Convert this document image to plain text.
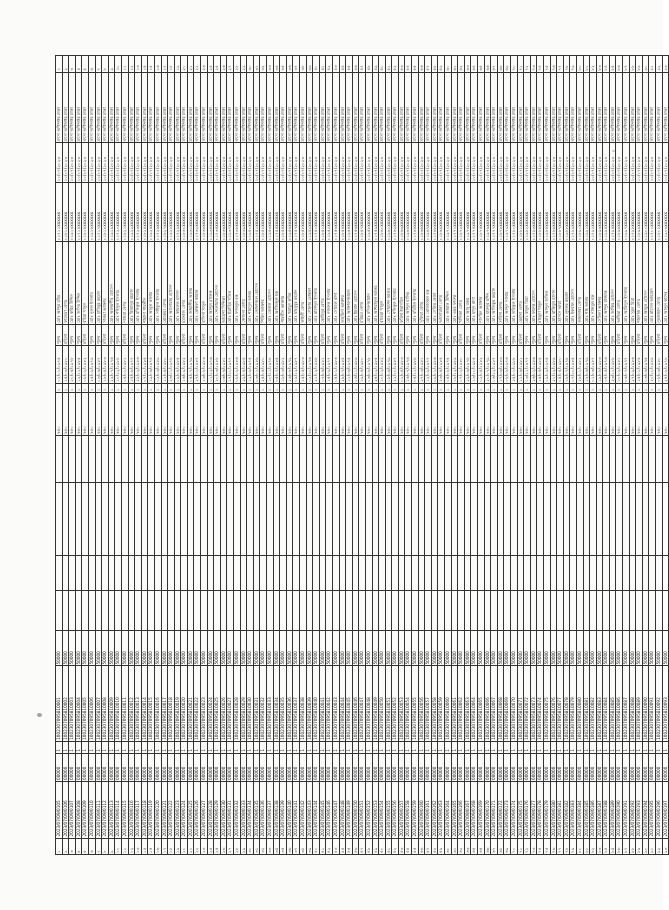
১	2023/07/09/0105	00000	1	1002307095810001	50000					৳৫০	১	০১/০১/১৯৭৫	পুরুষ	মোঃ আব্দুর রহিম	০১৭১১xxxxxx	১০/০৭/২০২৩	মৎস্য অধিদপ্তর ঢাকা	১
২	2023/07/09/0106	00000	1	1002307095810002	50000					৳৫০	১	১৫/০৩/১৯৮০	মহিলা	ফাতেমা বেগম	০১৮১২xxxxxx	১০/০৭/২০২৩	মৎস্য অধিদপ্তর ঢাকা	২
৩	2023/07/09/0107	00000	1	1002307095810003	50000					৳৫০	১	২০/০৫/১৯৭৮	পুরুষ	মোঃ করিম উদ্দিন	০১৯১৩xxxxxx	১০/০৭/২০২৩	মৎস্য অধিদপ্তর ঢাকা	৩
৪	2023/07/09/0108	00000	1	1002307095810004	50000					৳৫০	১	১২/১১/১৯৮৫	পুরুষ	মোঃ জসিম উদ্দিন	০১৭১৪xxxxxx	১০/০৭/২০২৩	মৎস্য অধিদপ্তর ঢাকা	৪
৫	2023/07/09/0109	00000	1	1002307095810005	50000					৳৫০	১	০৮/০২/১৯৮২	মহিলা	রহিমা খাতুন	০১৮১৫xxxxxx	১০/০৭/২০২৩	মৎস্য অধিদপ্তর ঢাকা	৫
৬	2023/07/09/0110	00000	1	1002307095810006	50000					৳৫০	১	২৫/০৯/১৯৭৯	পুরুষ	মোঃ নুরুল ইসলাম	০১৯১৬xxxxxx	১০/০৭/২০২৩	মৎস্য অধিদপ্তর ঢাকা	৬
৭	2023/07/09/0111	00000	1	1002307095810007	50000					৳৫০	১	০৩/০৬/১৯৮৭	পুরুষ	মোঃ হাবিবুর রহমান	০১৭১৭xxxxxx	১০/০৭/২০২৩	মৎস্য অধিদপ্তর ঢাকা	৭
৮	2023/07/09/0112	00000	1	1002307095810008	50000					৳৫০	১	১৮/০৪/১৯৮৩	মহিলা	সালমা আক্তার	০১৮১৮xxxxxx	১০/০৭/২০২৩	মৎস্য অধিদপ্তর ঢাকা	৮
৯	2023/07/09/0113	00000	1	1002307095810009	50000					৳৫০	১	২২/০৭/১৯৭৬	পুরুষ	মোঃ আলমগীর হোসেন	০১৯১৯xxxxxx	১০/০৭/২০২৩	মৎস্য অধিদপ্তর ঢাকা	৯
১০	2023/07/09/0114	00000	1	1002307095810010	50000					৳৫০	১	১০/১২/১৯৮৮	পুরুষ	মোঃ শহিদুল ইসলাম	০১৭২০xxxxxx	১০/০৭/২০২৩	মৎস্য অধিদপ্তর ঢাকা	১০
১১	2023/07/09/0115	00000	1	1002307095810011	50000					৳৫০	১	০৫/০১/১৯৮১	মহিলা	নাজমা বেগম	০১৮২১xxxxxx	১০/০৭/২০২৩	মৎস্য অধিদপ্তর ঢাকা	১১
১২	2023/07/09/0116	00000	1	1002307095810012	50000					৳৫০	১	১৪/০৮/১৯৭৭	পুরুষ	মোঃ মিজানুর রহমান	০১৯২২xxxxxx	১০/০৭/২০২৩	মৎস্য অধিদপ্তর ঢাকা	১২
১৩	2023/07/09/0117	00000	1	1002307095810013	50000					৳৫০	১	২৮/০২/১৯৮৬	পুরুষ	মোঃ রফিকুল ইসলাম	০১৭২৩xxxxxx	১০/০৭/২০২৩	মৎস্য অধিদপ্তর ঢাকা	১৩
১৪	2023/07/09/0118	00000	1	1002307095810014	50000					৳৫০	১	০৭/১০/১৯৮৪	মহিলা	শাহানা পারভীন	০১৮২৪xxxxxx	১০/০৭/২০২৩	মৎস্য অধিদপ্তর ঢাকা	১৪
১৫	2023/07/09/0119	00000	1	1002307095810015	50000					৳৫০	১	১৯/০৬/১৯৭৪	পুরুষ	মোঃ আবুল কালাম	০১৯২৫xxxxxx	১০/০৭/২০২৩	মৎস্য অধিদপ্তর ঢাকা	১৫
১৬	2023/07/09/0120	00000	1	1002307095810016	50000					৳৫০	১	০২/০৩/১৯৮৯	পুরুষ	মোঃ সাইফুল ইসলাম	০১৭২৬xxxxxx	১০/০৭/২০২৩	মৎস্য অধিদপ্তর ঢাকা	১৬
১৭	2023/07/09/0121	00000	1	1002307095810017	50000					৳৫০	১	১১/০৫/১৯৮০	মহিলা	রোকেয়া বেগম	০১৮২৭xxxxxx	১০/০৭/২০২৩	মৎস্য অধিদপ্তর ঢাকা	১৭
১৮	2023/07/09/0122	00000	1	1002307095810018	50000					৳৫০	১	২৩/১১/১৯৭৮	পুরুষ	মোঃ আনোয়ার হোসেন	০১৯২৮xxxxxx	১০/০৭/২০২৩	মৎস্য অধিদপ্তর ঢাকা	১৮
১৯	2023/07/09/0123	00000	1	1002307095810019	50000					৳৫০	১	০৯/০৪/১৯৮৫	পুরুষ	মোঃ কামরুল হাসান	০১৭২৯xxxxxx	১০/০৭/২০২৩	মৎস্য অধিদপ্তর ঢাকা	১৯
২০	2023/07/09/0124	00000	1	1002307095810020	50000					৳৫০	১	১৬/০৯/১৯৮২	মহিলা	মমতাজ বেগম	০১৮৩০xxxxxx	১০/০৭/২০২৩	মৎস্য অধিদপ্তর ঢাকা	২০
২১	2023/07/09/0125	00000	1	1002307095810021	50000					৳৫০	১	০৪/০৭/১৯৭৯	পুরুষ	মোঃ জাহাঙ্গীর আলম	০১৯৩১xxxxxx	১০/০৭/২০২৩	মৎস্য অধিদপ্তর ঢাকা	২১
২২	2023/07/09/0126	00000	1	1002307095810022	50000					৳৫০	১	২৭/০১/১৯৮৭	পুরুষ	মোঃ মোস্তফা কামাল	০১৭৩২xxxxxx	১০/০৭/২০২৩	মৎস্য অধিদপ্তর ঢাকা	২২
২৩	2023/07/09/0127	00000	1	1002307095810023	50000					৳৫০	১	১৩/০৮/১৯৮৩	মহিলা	হাসিনা খাতুন	০১৮৩৩xxxxxx	১০/০৭/২০২৩	মৎস্য অধিদপ্তর ঢাকা	২৩
২৪	2023/07/09/0128	00000	1	1002307095810024	50000					৳৫০	১	০১/১২/১৯৭৬	পুরুষ	মোঃ আব্দুল মালেক	০১৯৩৪xxxxxx	১০/০৭/২০২৩	মৎস্য অধিদপ্তর ঢাকা	২৪
২৫	2023/07/09/0129	00000	1	1002307095810025	50000					৳৫০	১	২০/০৩/১৯৮৮	পুরুষ	মোঃ দেলোয়ার হোসেন	০১৭৩৫xxxxxx	১০/০৭/২০২৩	মৎস্য অধিদপ্তর ঢাকা	২৫
২৬	2023/07/09/0130	00000	1	1002307095810026	50000					৳৫০	১	০৬/০৬/১৯৮১	মহিলা	আয়েশা সিদ্দিকা	০১৮৩৬xxxxxx	১০/০৭/২০২৩	মৎস্য অধিদপ্তর ঢাকা	২৬
২৭	2023/07/09/0131	00000	1	1002307095810027	50000					৳৫০	১	১৭/১০/১৯৭৭	পুরুষ	মোঃ ইব্রাহিম খলিল	০১৯৩৭xxxxxx	১০/০৭/২০২৩	মৎস্য অধিদপ্তর ঢাকা	২৭
২৮	2023/07/09/0132	00000	1	1002307095810028	50000					৳৫০	১	০৮/০২/১৯৮৬	পুরুষ	মোঃ ফজলুল হক	০১৭৩৮xxxxxx	১০/০৭/২০২৩	মৎস্য অধিদপ্তর ঢাকা	২৮
২৯	2023/07/09/0133	00000	1	1002307095810029	50000					৳৫০	১	২৯/০৪/১৯৮৪	মহিলা	জোসনা বেগম	০১৮৩৯xxxxxx	১০/০৭/২০২৩	মৎস্য অধিদপ্তর ঢাকা	২৯
৩০	2023/07/09/0134	00000	1	1002307095810030	50000					৳৫০	১	১২/০৯/১৯৭৫	পুরুষ	মোঃ শামসুল আলম	০১৯৪০xxxxxx	১০/০৭/২০২৩	মৎস্য অধিদপ্তর ঢাকা	৩০
৩১	2023/07/09/0135	00000	1	1002307095810031	50000					৳৫০	১	০৩/০১/১৯৮৯	পুরুষ	মোঃ তোফাজ্জল হোসেন	০১৭৪১xxxxxx	১০/০৭/২০২৩	মৎস্য অধিদপ্তর ঢাকা	৩১
৩২	2023/07/09/0136	00000	1	1002307095810032	50000					৳৫০	১	২৪/০৫/১৯৮০	মহিলা	শিরিন আক্তার	০১৮৪২xxxxxx	১০/০৭/২০২৩	মৎস্য অধিদপ্তর ঢাকা	৩২
৩৩	2023/07/09/0137	00000	1	1002307095810033	50000					৳৫০	১	১০/১১/১৯৭৮	পুরুষ	মোঃ বেলাল হোসেন	০১৯৪৩xxxxxx	১০/০৭/২০২৩	মৎস্য অধিদপ্তর ঢাকা	৩৩
৩৪	2023/07/09/0138	00000	1	1002307095810034	50000					৳৫০	১	০৫/০৭/১৯৮৫	পুরুষ	মোঃ আজিজুল হক	০১৭৪৪xxxxxx	১০/০৭/২০২৩	মৎস্য অধিদপ্তর ঢাকা	৩৪
৩৫	2023/07/09/0139	00000	1	1002307095810035	50000					৳৫০	১	১৮/০৩/১৯৮২	মহিলা	পারভীন আক্তার	০১৮৪৫xxxxxx	১০/০৭/২০২৩	মৎস্য অধিদপ্তর ঢাকা	৩৫
৩৬	2023/07/09/0140	00000	1	1002307095810036	50000					৳৫০	১	২৬/০৮/১৯৭৯	পুরুষ	মোঃ হুমায়ুন কবির	০১৯৪৬xxxxxx	১০/০৭/২০২৩	মৎস্য অধিদপ্তর ঢাকা	৩৬
৩৭	2023/07/09/0141	00000	1	1002307095810037	50000					৳৫০	১	০৯/১২/১৯৮৭	পুরুষ	মোঃ মাহবুবুর রহমান	০১৭৪৭xxxxxx	১০/০৭/২০২৩	মৎস্য অধিদপ্তর ঢাকা	৩৭
৩৮	2023/07/09/0142	00000	1	1002307095810038	50000					৳৫০	১	১৪/০৪/১৯৮৩	মহিলা	লাইলী বেগম	০১৮৪৮xxxxxx	১০/০৭/২০২৩	মৎস্য অধিদপ্তর ঢাকা	৩৮
৩৯	2023/07/09/0143	00000	1	1002307095810039	50000					৳৫০	১	০২/১০/১৯৭৬	পুরুষ	মোঃ গোলাম মোস্তফা	০১৯৪৯xxxxxx	১০/০৭/২০২৩	মৎস্য অধিদপ্তর ঢাকা	৩৯
৪০	2023/07/09/0144	00000	1	1002307095810040	50000					৳৫০	১	২১/০২/১৯৮৮	পুরুষ	মোঃ রাশেদুল ইসলাম	০১৭৫০xxxxxx	১০/০৭/২০২৩	মৎস্য অধিদপ্তর ঢাকা	৪০
৪১	2023/07/09/0145	00000	1	1002307095810041	50000					৳৫০	১	০৭/০৬/১৯৮১	মহিলা	কোহিনুর বেগম	০১৮৫১xxxxxx	১০/০৭/২০২৩	মৎস্য অধিদপ্তর ঢাকা	৪১
৪২	2023/07/09/0146	00000	1	1002307095810042	50000					৳৫০	১	১৫/০৯/১৯৭৭	পুরুষ	মোঃ নজরুল ইসলাম	০১৯৫২xxxxxx	১০/০৭/২০২৩	মৎস্য অধিদপ্তর ঢাকা	৪২
৪৩	2023/07/09/0147	00000	1	1002307095810043	50000					৳৫০	১	০৪/০১/১৯৮৬	পুরুষ	মোঃ সোহেল রানা	০১৭৫৩xxxxxx	১০/০৭/২০২৩	মৎস্য অধিদপ্তর ঢাকা	৪৩
৪৪	2023/07/09/0148	00000	1	1002307095810044	50000					৳৫০	১	২৮/০৭/১৯৮৪	মহিলা	তাহমিনা আক্তার	০১৮৫৪xxxxxx	১০/০৭/২০২৩	মৎস্য অধিদপ্তর ঢাকা	৪৪
৪৫	2023/07/09/0149	00000	1	1002307095810045	50000					৳৫০	১	১১/০৩/১৯৭৫	পুরুষ	মোঃ আক্তারুজ্জামান	০১৯৫৫xxxxxx	১০/০৭/২০২৩	মৎস্য অধিদপ্তর ঢাকা	৪৫
৪৬	2023/07/09/0150	00000	1	1002307095810046	50000					৳৫০	১	০৬/১১/১৯৮৯	পুরুষ	মোঃ ইমরান হোসেন	০১৭৫৬xxxxxx	১০/০৭/২০২৩	মৎস্য অধিদপ্তর ঢাকা	৪৬
৪৭	2023/07/09/0151	00000	1	1002307095810047	50000					৳৫০	১	১৯/০৫/১৯৮০	মহিলা	মরিয়ম বেগম	০১৮৫৭xxxxxx	১০/০৭/২০২৩	মৎস্য অধিদপ্তর ঢাকা	৪৭
৪৮	2023/07/09/0152	00000	1	1002307095810048	50000					৳৫০	১	০৩/০৮/১৯৭৮	পুরুষ	মোঃ মনিরুজ্জামান	০১৯৫৮xxxxxx	১০/০৭/২০২৩	মৎস্য অধিদপ্তর ঢাকা	৪৮
৪৯	2023/07/09/0153	00000	1	1002307095810049	50000					৳৫০	১	২৫/১২/১৯৮৫	পুরুষ	মোঃ আশরাফুল আলম	০১৭৫৯xxxxxx	১০/০৭/২০২৩	মৎস্য অধিদপ্তর ঢাকা	৪৯
৫০	2023/07/09/0154	00000	1	1002307095810050	50000					৳৫০	১	১০/০২/১৯৮২	মহিলা	রাবেয়া খাতুন	০১৮৬০xxxxxx	১০/০৭/২০২৩	মৎস্য অধিদপ্তর ঢাকা	৫০
৫১	2023/07/09/0155	00000	1	1002307095810051	50000					৳৫০	১	০৮/০৬/১৯৭৯	পুরুষ	মোঃ খোরশেদ আলম	০১৯৬১xxxxxx	১০/০৭/২০২৩	মৎস্য অধিদপ্তর ঢাকা	৫১
৫২	2023/07/09/0156	00000	1	1002307095810052	50000					৳৫০	১	২২/১০/১৯৮৭	পুরুষ	মোঃ শফিকুল ইসলাম	০১৭৬২xxxxxx	১০/০৭/২০২৩	মৎস্য অধিদপ্তর ঢাকা	৫২
৫৩	2023/07/09/0157	00000	1	1002307095810053	50000					৳৫০	১	০১/০৪/১৯৮৩	মহিলা	ফরিদা ইয়াসমিন	০১৮৬৩xxxxxx	১০/০৭/২০২৩	মৎস্য অধিদপ্তর ঢাকা	৫৩
৫৪	2023/07/09/0158	00000	1	1002307095810054	50000					৳৫০	১	১৬/০৭/১৯৭৬	পুরুষ	মোঃ আব্দুল হালিম	০১৯৬৪xxxxxx	১০/০৭/২০২৩	মৎস্য অধিদপ্তর ঢাকা	৫৪
৫৫	2023/07/09/0159	00000	1	1002307095810055	50000					৳৫০	১	০৫/১১/১৯৮৮	পুরুষ	মোঃ রবিউল ইসলাম	০১৭৬৫xxxxxx	১০/০৭/২০২৩	মৎস্য অধিদপ্তর ঢাকা	৫৫
৫৬	2023/07/09/0160	00000	1	1002307095810056	50000					৳৫০	১	২৭/০৩/১৯৮১	মহিলা	সুফিয়া বেগম	০১৮৬৬xxxxxx	১০/০৭/২০২৩	মৎস্য অধিদপ্তর ঢাকা	৫৬
৫৭	2023/07/09/0161	00000	1	1002307095810057	50000					৳৫০	১	১২/০৯/১৯৭৭	পুরুষ	মোঃ মোজাম্মেল হক	০১৯৬৭xxxxxx	১০/০৭/২০২৩	মৎস্য অধিদপ্তর ঢাকা	৫৭
৫৮	2023/07/09/0162	00000	1	1002307095810058	50000					৳৫০	১	০৯/০১/১৯৮৬	পুরুষ	মোঃ সেলিম রেজা	০১৭৬৮xxxxxx	১০/০৭/২০২৩	মৎস্য অধিদপ্তর ঢাকা	৫৮
৫৯	2023/07/09/0163	00000	1	1002307095810059	50000					৳৫০	১	২৩/০৫/১৯৮৪	মহিলা	আনোয়ারা বেগম	০১৮৬৯xxxxxx	১০/০৭/২০২৩	মৎস্য অধিদপ্তর ঢাকা	৫৯
৬০	2023/07/09/0164	00000	1	1002307095810060	50000					৳৫০	১	০৪/০৮/১৯৭৫	পুরুষ	মোঃ জামাল উদ্দিন	০১৯৭০xxxxxx	১০/০৭/২০২৩	মৎস্য অধিদপ্তর ঢাকা	৬০
৬১	2023/07/09/0165	00000	1	1002307095810061	50000					৳৫০	১	১৮/১২/১৯৮৯	পুরুষ	মোঃ ওমর ফারুক	০১৭৭১xxxxxx	১০/০৭/২০২৩	মৎস্য অধিদপ্তর ঢাকা	৬১
৬২	2023/07/09/0166	00000	1	1002307095810062	50000					৳৫০	১	০৭/০২/১৯৮০	মহিলা	খাদিজা বেগম	০১৮৭২xxxxxx	১০/০৭/২০২৩	মৎস্য অধিদপ্তর ঢাকা	৬২
৬৩	2023/07/09/0167	00000	1	1002307095810063	50000					৳৫০	১	২৯/০৬/১৯৭৮	পুরুষ	মোঃ আবু বকর	০১৯৭৩xxxxxx	১০/০৭/২০২৩	মৎস্য অধিদপ্তর ঢাকা	৬৩
৬৪	2023/07/09/0168	00000	1	1002307095810064	50000					৳৫০	১	১৩/১০/১৯৮৫	পুরুষ	মোঃ মাসুদ রানা	০১৭৭৪xxxxxx	১০/০৭/২০২৩	মৎস্য অধিদপ্তর ঢাকা	৬৪
৬৫	2023/07/09/0169	00000	1	1002307095810065	50000					৳৫০	১	০২/০৪/১৯৮২	মহিলা	নাসরিন আক্তার	০১৮৭৫xxxxxx	১০/০৭/২০২৩	মৎস্য অধিদপ্তর ঢাকা	৬৫
৬৬	2023/07/09/0170	00000	1	1002307095810066	50000					৳৫০	১	২০/০৭/১৯৭৯	পুরুষ	মোঃ হারুনুর রশিদ	০১৯৭৬xxxxxx	১০/০৭/২০২৩	মৎস্য অধিদপ্তর ঢাকা	৬৬
৬৭	2023/07/09/0171	00000	1	1002307095810067	50000					৳৫০	১	০৬/১২/১৯৮৭	পুরুষ	মোঃ আতিকুর রহমান	০১৭৭৭xxxxxx	১০/০৭/২০২৩	মৎস্য অধিদপ্তর ঢাকা	৬৭
৬৮	2023/07/09/0172	00000	1	1002307095810068	50000					৳৫০	১	১৭/০৩/১৯৮৩	মহিলা	সাহিদা বেগম	০১৮৭৮xxxxxx	১০/০৭/২০২৩	মৎস্য অধিদপ্তর ঢাকা	৬৮
৬৯	2023/07/09/0173	00000	1	1002307095810069	50000					৳৫০	১	০৮/০৮/১৯৭৬	পুরুষ	মোঃ আব্দুস সালাম	০১৯৭৯xxxxxx	১০/০৭/২০২৩	মৎস্য অধিদপ্তর ঢাকা	৬৯
৭০	2023/07/09/0174	00000	1	1002307095810070	50000					৳৫০	১	২৪/০১/১৯৮৮	পুরুষ	মোঃ তরিকুল ইসলাম	০১৭৮০xxxxxx	১০/০৭/২০২৩	মৎস্য অধিদপ্তর ঢাকা	৭০
৭১	2023/07/09/0175	00000	1	1002307095810071	50000					৳৫০	১	১১/০৬/১৯৮১	মহিলা	রেহানা বেগম	০১৮৮১xxxxxx	১০/০৭/২০২৩	মৎস্য অধিদপ্তর ঢাকা	৭১
৭২	2023/07/09/0176	00000	1	1002307095810072	50000					৳৫০	১	০৩/১১/১৯৭৭	পুরুষ	মোঃ বাবুল মিয়া	০১৯৮২xxxxxx	১০/০৭/২০২৩	মৎস্য অধিদপ্তর ঢাকা	৭২
৭৩	2023/07/09/0177	00000	1	1002307095810073	50000					৳৫০	১	২৬/০২/১৯৮৬	পুরুষ	মোঃ ফারুক হোসেন	০১৭৮৩xxxxxx	১০/০৭/২০২৩	মৎস্য অধিদপ্তর ঢাকা	৭৩
৭৪	2023/07/09/0178	00000	1	1002307095810074	50000					৳৫০	১	১৫/০৫/১৯৮৪	মহিলা	মাহমুদা খাতুন	০১৮৮৪xxxxxx	১০/০৭/২০২৩	মৎস্য অধিদপ্তর ঢাকা	৭৪
৭৫	2023/07/09/0179	00000	1	1002307095810075	50000					৳৫০	১	০৯/০৯/১৯৭৫	পুরুষ	মোঃ আব্দুল জলিল	০১৯৮৫xxxxxx	১০/০৭/২০২৩	মৎস্য অধিদপ্তর ঢাকা	৭৫
৭৬	2023/07/09/0180	00000	1	1002307095810076	50000					৳৫০	১	২১/১২/১৯৮৯	পুরুষ	মোঃ রাকিবুল হাসান	০১৭৮৬xxxxxx	১০/০৭/২০২৩	মৎস্য অধিদপ্তর ঢাকা	৭৬
৭৭	2023/07/09/0181	00000	1	1002307095810077	50000					৳৫০	১	০৪/০৪/১৯৮০	মহিলা	হোসনে আরা	০১৮৮৭xxxxxx	১০/০৭/২০২৩	মৎস্য অধিদপ্তর ঢাকা	৭৭
৭৮	2023/07/09/0182	00000	1	1002307095810078	50000					৳৫০	১	১৮/০৭/১৯৭৮	পুরুষ	মোঃ লুৎফর রহমান	০১৯৮৮xxxxxx	১০/০৭/২০২৩	মৎস্য অধিদপ্তর ঢাকা	৭৮
৭৯	2023/07/09/0183	00000	1	1002307095810079	50000					৳৫০	১	০৭/১০/১৯৮৫	পুরুষ	মোঃ ইকবাল হোসেন	০১৭৮৯xxxxxx	১০/০৭/২০২৩	মৎস্য অধিদপ্তর ঢাকা	৭৯
৮০	2023/07/09/0184	00000	1	1002307095810080	50000					৳৫০	১	২৮/০১/১৯৮২	মহিলা	জাহানারা বেগম	০১৮৯০xxxxxx	১০/০৭/২০২৩	মৎস্য অধিদপ্তর ঢাকা	৮০
৮১	2023/07/09/0185	00000	1	1002307095810081	50000					৳৫০	১	১২/০৬/১৯৭৯	পুরুষ	মোঃ শাহ আলম	০১৯৯১xxxxxx	১০/০৭/২০২৩	মৎস্য অধিদপ্তর ঢাকা	৮১
৮২	2023/07/09/0186	00000	1	1002307095810082	50000					৳৫০	১	০১/০৩/১৯৮৭	পুরুষ	মোঃ নাজমুল হক	০১৭৯২xxxxxx	১০/০৭/২০২৩	মৎস্য অধিদপ্তর ঢাকা	৮২
৮৩	2023/07/09/0187	00000	1	1002307095810083	50000					৳৫০	১	১৯/০৮/১৯৮৩	মহিলা	সেলিনা আক্তার	০১৮৯৩xxxxxx	১০/০৭/২০২৩	মৎস্য অধিদপ্তর ঢাকা	৮৩
৮৪	2023/07/09/0188	00000	1	1002307095810084	50000					৳৫০	১	০৫/০৫/১৯৭৬	পুরুষ	মোঃ আব্দুর রাজ্জাক	০১৯৯৪xxxxxx	১০/০৭/২০২৩	মৎস্য অধিদপ্তর ঢাকা	৮৪
৮৫	2023/07/09/0189	00000	1	1002307095810085	50000					৳৫০	১	২৩/১১/১৯৮৮	পুরুষ	মোঃ জাকির হোসেন	০১৭৯৫xxxxxx	১০/০৭/২০২৩	মৎস্য অধিদপ্তর ঢাকা	৮৫
৮৬	2023/07/09/0190	00000	1	1002307095810086	50000					৳৫০	১	১০/০২/১৯৮১	মহিলা	আছিয়া বেগম	০১৮৯৬xxxxxx	১০/০৭/২০২৩	মৎস্য অধিদপ্তর ঢাকা	৮৬
৮৭	2023/07/09/0191	00000	1	1002307095810087	50000					৳৫০	১	০৬/০৭/১৯৭৭	পুরুষ	মোঃ আমিনুল ইসলাম	০১৯৯৭xxxxxx	১০/০৭/২০২৩	মৎস্য অধিদপ্তর ঢাকা	৮৭
৮৮	2023/07/09/0192	00000	1	1002307095810088	50000					৳৫০	১	২৭/০৯/১৯৮৬	পুরুষ	মোঃ সুমন মিয়া	০১৭৯৮xxxxxx	১০/০৭/২০২৩	মৎস্য অধিদপ্তর ঢাকা	৮৮
৮৯	2023/07/09/0193	00000	1	1002307095810089	50000					৳৫০	১	১৪/০১/১৯৮৪	মহিলা	শাহনাজ বেগম	০১৮৯৯xxxxxx	১০/০৭/২০২৩	মৎস্য অধিদপ্তর ঢাকা	৮৯
৯০	2023/07/09/0194	00000	1	1002307095810090	50000					৳৫০	১	০৩/০৬/১৯৭৫	পুরুষ	মোঃ আবুল হোসেন	০১৯০০xxxxxx	১০/০৭/২০২৩	মৎস্য অধিদপ্তর ঢাকা	৯০
৯১	2023/07/09/0195	00000	1	1002307095810091	50000					৳৫০	১	২০/১০/১৯৮৯	পুরুষ	মোঃ রাসেল আহমেদ	০১৭০১xxxxxx	১০/০৭/২০২৩	মৎস্য অধিদপ্তর ঢাকা	৯১
৯২	2023/07/09/0196	00000	1	1002307095810092	50000					৳৫০	১	০৮/০৩/১৯৮০	মহিলা	নুরজাহান বেগম	০১৮০২xxxxxx	১০/০৭/২০২৩	মৎস্য অধিদপ্তর ঢাকা	৯২
৯৩	2023/07/09/0197	00000	1	1002307095810093	50000					৳৫০	১	২৫/০৮/১৯৭৮	পুরুষ	মোঃ আব্দুল কাদের	০১৯০৩xxxxxx	১০/০৭/২০২৩	মৎস্য অধিদপ্তর ঢাকা	৯৩
